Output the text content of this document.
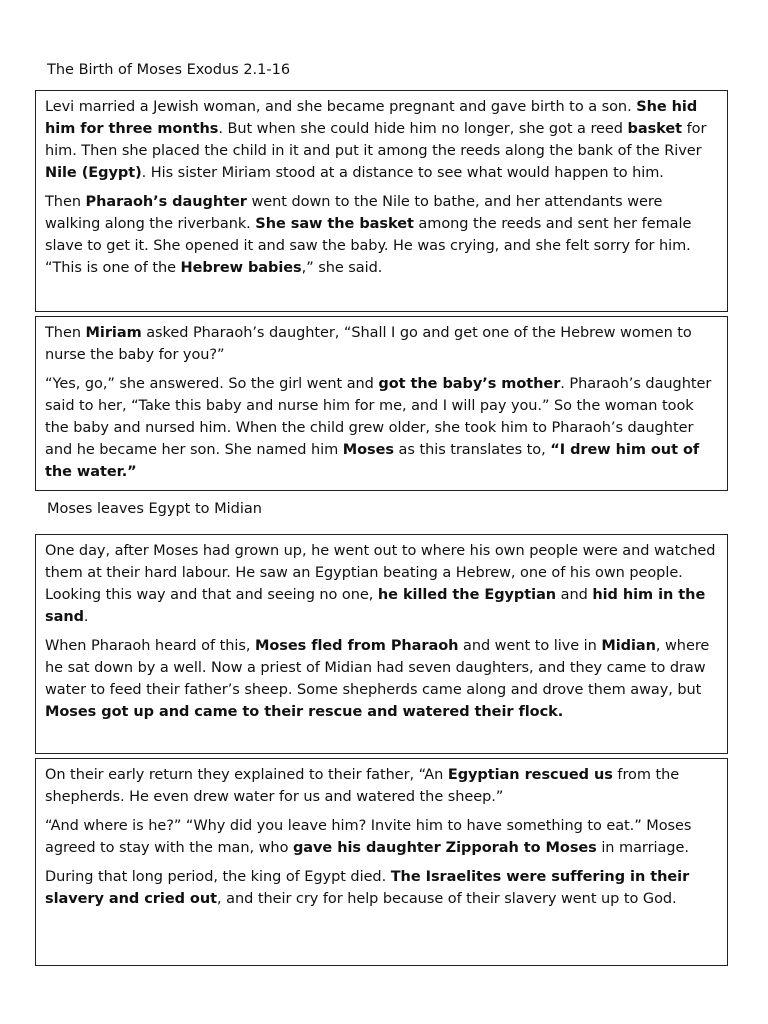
The Birth of Moses Exodus 2.1-16

Levi married a Jewish woman, and she became pregnant and gave birth to a son. She hid him for three months. But when she could hide him no longer, she got a reed basket for him. Then she placed the child in it and put it among the reeds along the bank of the River Nile (Egypt). His sister Miriam stood at a distance to see what would happen to him.

Then Pharaoh’s daughter went down to the Nile to bathe, and her attendants were walking along the riverbank. She saw the basket among the reeds and sent her female slave to get it. She opened it and saw the baby. He was crying, and she felt sorry for him. “This is one of the Hebrew babies,” she said.

Then Miriam asked Pharaoh’s daughter, “Shall I go and get one of the Hebrew women to nurse the baby for you?”

“Yes, go,” she answered. So the girl went and got the baby’s mother. Pharaoh’s daughter said to her, “Take this baby and nurse him for me, and I will pay you.” So the woman took the baby and nursed him. When the child grew older, she took him to Pharaoh’s daughter and he became her son. She named him Moses as this translates to, “I drew him out of the water.”

Moses leaves Egypt to Midian

One day, after Moses had grown up, he went out to where his own people were and watched them at their hard labour. He saw an Egyptian beating a Hebrew, one of his own people. Looking this way and that and seeing no one, he killed the Egyptian and hid him in the sand.

When Pharaoh heard of this, Moses fled from Pharaoh and went to live in Midian, where he sat down by a well. Now a priest of Midian had seven daughters, and they came to draw water to feed their father’s sheep. Some shepherds came along and drove them away, but Moses got up and came to their rescue and watered their flock.

On their early return they explained to their father, “An Egyptian rescued us from the shepherds. He even drew water for us and watered the sheep.”

“And where is he?” “Why did you leave him? Invite him to have something to eat.” Moses agreed to stay with the man, who gave his daughter Zipporah to Moses in marriage.

During that long period, the king of Egypt died. The Israelites were suffering in their slavery and cried out, and their cry for help because of their slavery went up to God.
